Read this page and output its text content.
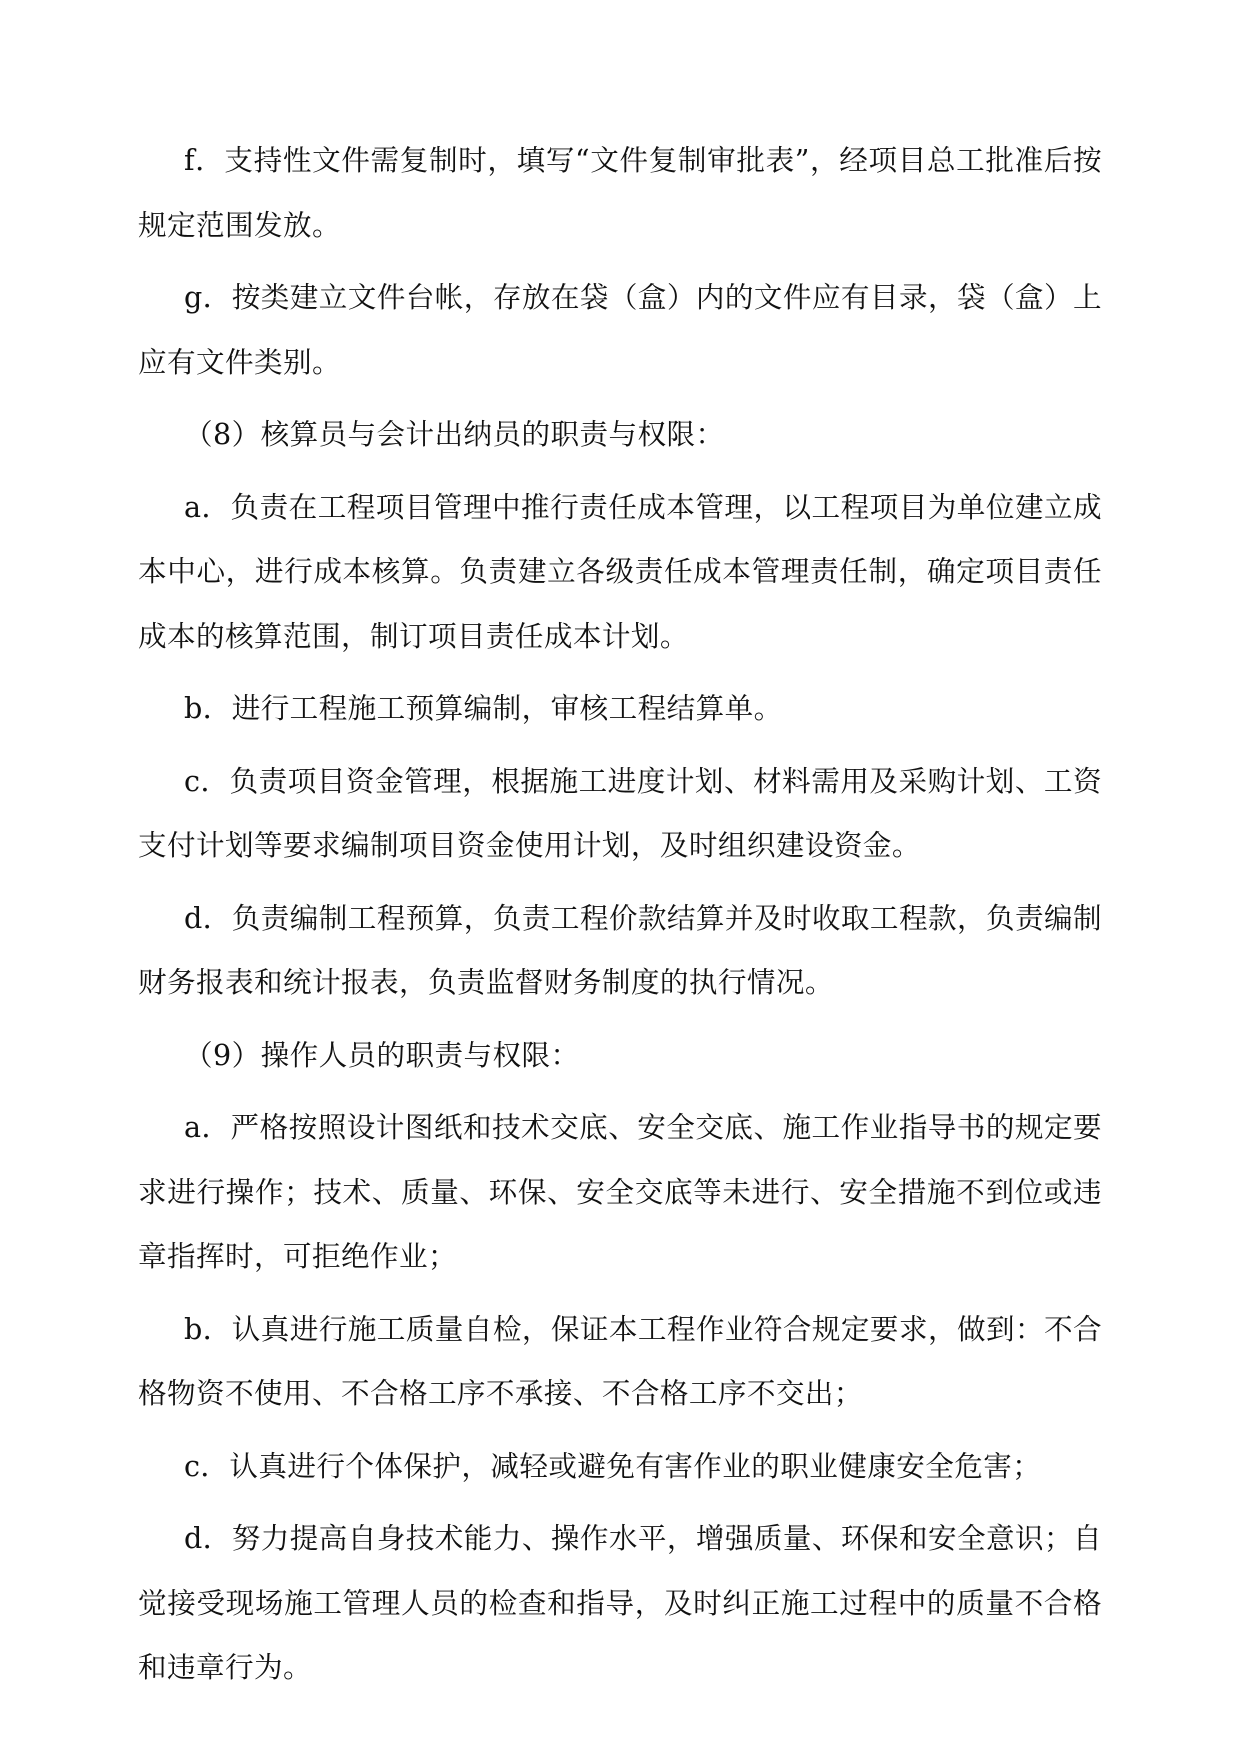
f．支持性文件需复制时，填写“文件复制审批表”，经项目总工批准后按规定范围发放。

g．按类建立文件台帐，存放在袋（盒）内的文件应有目录，袋（盒）上应有文件类别。

（8）核算员与会计出纳员的职责与权限：

a．负责在工程项目管理中推行责任成本管理，以工程项目为单位建立成本中心，进行成本核算。负责建立各级责任成本管理责任制，确定项目责任成本的核算范围，制订项目责任成本计划。

b．进行工程施工预算编制，审核工程结算单。

c．负责项目资金管理，根据施工进度计划、材料需用及采购计划、工资支付计划等要求编制项目资金使用计划，及时组织建设资金。

d．负责编制工程预算，负责工程价款结算并及时收取工程款，负责编制财务报表和统计报表，负责监督财务制度的执行情况。

（9）操作人员的职责与权限：

a．严格按照设计图纸和技术交底、安全交底、施工作业指导书的规定要求进行操作；技术、质量、环保、安全交底等未进行、安全措施不到位或违章指挥时，可拒绝作业；

b．认真进行施工质量自检，保证本工程作业符合规定要求，做到：不合格物资不使用、不合格工序不承接、不合格工序不交出；

c．认真进行个体保护，减轻或避免有害作业的职业健康安全危害；

d．努力提高自身技术能力、操作水平，增强质量、环保和安全意识；自觉接受现场施工管理人员的检查和指导，及时纠正施工过程中的质量不合格和违章行为。
